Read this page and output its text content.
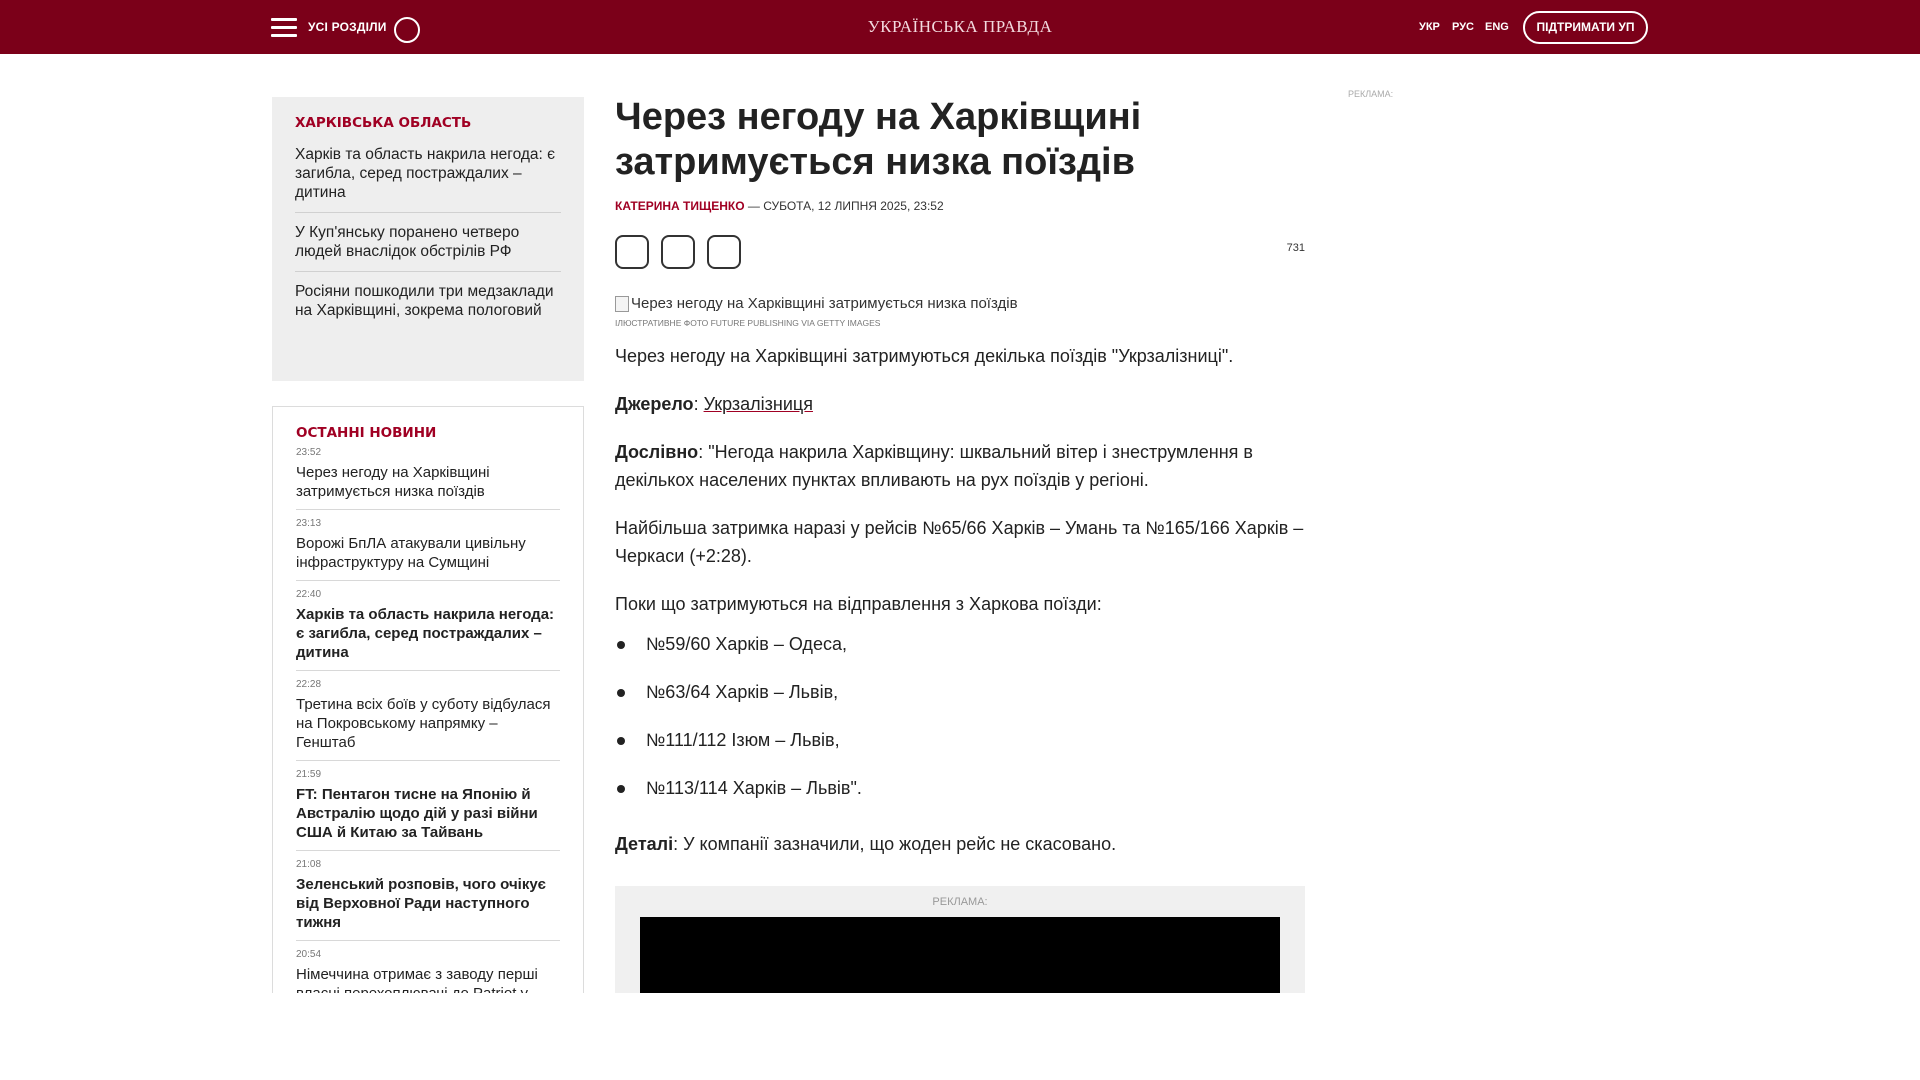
УСІ РОЗДІЛИ	УКРАЇНСЬКА ПРАВДА	УКР РУС ENG	ПІДТРИМАТИ УП
ХАРКІВСЬКА ОБЛАСТЬ
Харків та область накрила негода: є загибла, серед постраждалих – дитина
У Куп'янську поранено четверо людей внаслідок обстрілів РФ
Росіяни пошкодили три медзаклади на Харківщині, зокрема пологовий
ОСТАННІ НОВИНИ
23:52
Через негоду на Харківщині затримується низка поїздів
23:13
Ворожі БпЛА атакували цивільну інфраструктуру на Сумщині
22:40
Харків та область накрила негода: є загибла, серед постраждалих – дитина
22:28
Третина всіх боїв у суботу відбулася на Покровському напрямку – Генштаб
21:59
FT: Пентагон тисне на Японію й Австралію щодо дій у разі війни США й Китаю за Тайвань
21:08
Зеленський розповів, чого очікує від Верховної Ради наступного тижня
20:54
Німеччина отримає з заводу перші
Через негоду на Харківщині затримується низка поїздів
КАТЕРИНА ТИЩЕНКО — СУБОТА, 12 ЛИПНЯ 2025, 23:52
731
Через негоду на Харківщині затримується низка поїздів
ІЛЮСТРАТИВНЕ ФОТО FUTURE PUBLISHING VIA GETTY IMAGES

Через негоду на Харківщині затримуються декілька поїздів "Укрзалізниці".

Джерело: Укрзалізниця

Дослівно: "Негода накрила Харківщину: шквальний вітер і знеструмлення в декількох населених пунктах впливають на рух поїздів у регіоні.

Найбільша затримка наразі у рейсів №65/66 Харків – Умань та №165/166 Харків – Черкаси (+2:28).

Поки що затримуються на відправлення з Харкова поїзди:

№59/60 Харків – Одеса,
№63/64 Харків – Львів,
№111/112 Ізюм – Львів,
№113/114 Харків – Львів".

Деталі: У компанії зазначили, що жоден рейс не скасовано.

РЕКЛАМА:
РЕКЛАМА:
